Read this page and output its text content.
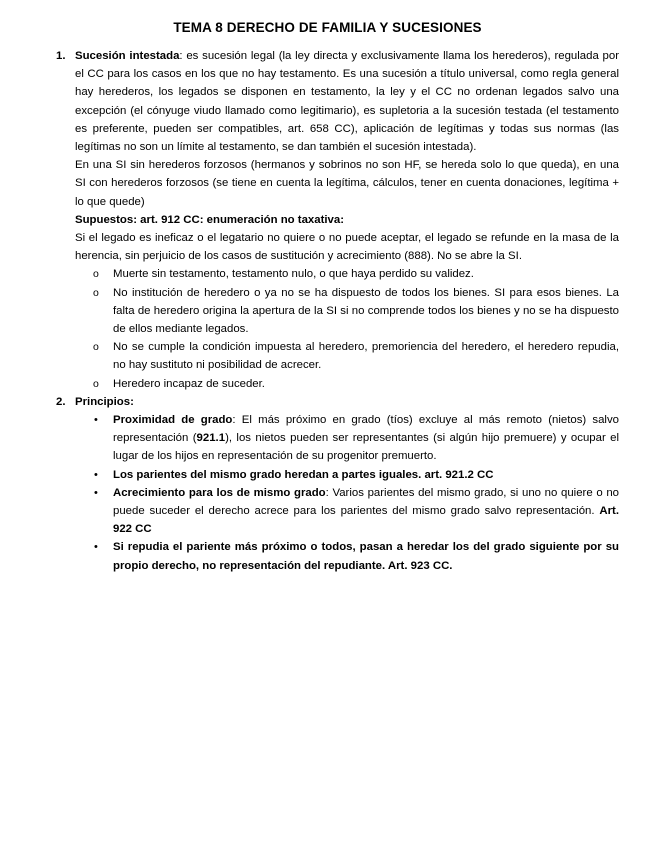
TEMA 8 DERECHO DE FAMILIA Y SUCESIONES
1. Sucesión intestada: es sucesión legal (la ley directa y exclusivamente llama los herederos), regulada por el CC para los casos en los que no hay testamento. Es una sucesión a título universal, como regla general hay herederos, los legados se disponen en testamento, la ley y el CC no ordenan legados salvo una excepción (el cónyuge viudo llamado como legitimario), es supletoria a la sucesión testada (el testamento es preferente, pueden ser compatibles, art. 658 CC), aplicación de legítimas y todas sus normas (las legítimas no son un límite al testamento, se dan también el sucesión intestada).

En una SI sin herederos forzosos (hermanos y sobrinos no son HF, se hereda solo lo que queda), en una SI con herederos forzosos (se tiene en cuenta la legítima, cálculos, tener en cuenta donaciones, legítima + lo que quede)

Supuestos: art. 912 CC: enumeración no taxativa:

Si el legado es ineficaz o el legatario no quiere o no puede aceptar, el legado se refunde en la masa de la herencia, sin perjuicio de los casos de sustitución y acrecimiento (888). No se abre la SI.

o Muerte sin testamento, testamento nulo, o que haya perdido su validez.
o No institución de heredero o ya no se ha dispuesto de todos los bienes. SI para esos bienes. La falta de heredero origina la apertura de la SI si no comprende todos los bienes y no se ha dispuesto de ellos mediante legados.
o No se cumple la condición impuesta al heredero, premoriencia del heredero, el heredero repudia, no hay sustituto ni posibilidad de acrecer.
o Heredero incapaz de suceder.
2. Principios:

• Proximidad de grado: El más próximo en grado (tíos) excluye al más remoto (nietos) salvo representación (921.1), los nietos pueden ser representantes (si algún hijo premuere) y ocupar el lugar de los hijos en representación de su progenitor premuerto.
• Los parientes del mismo grado heredan a partes iguales. art. 921.2 CC
• Acrecimiento para los de mismo grado: Varios parientes del mismo grado, si uno no quiere o no puede suceder el derecho acrece para los parientes del mismo grado salvo representación. Art. 922 CC
• Si repudia el pariente más próximo o todos, pasan a heredar los del grado siguiente por su propio derecho, no representación del repudiante. Art. 923 CC.
